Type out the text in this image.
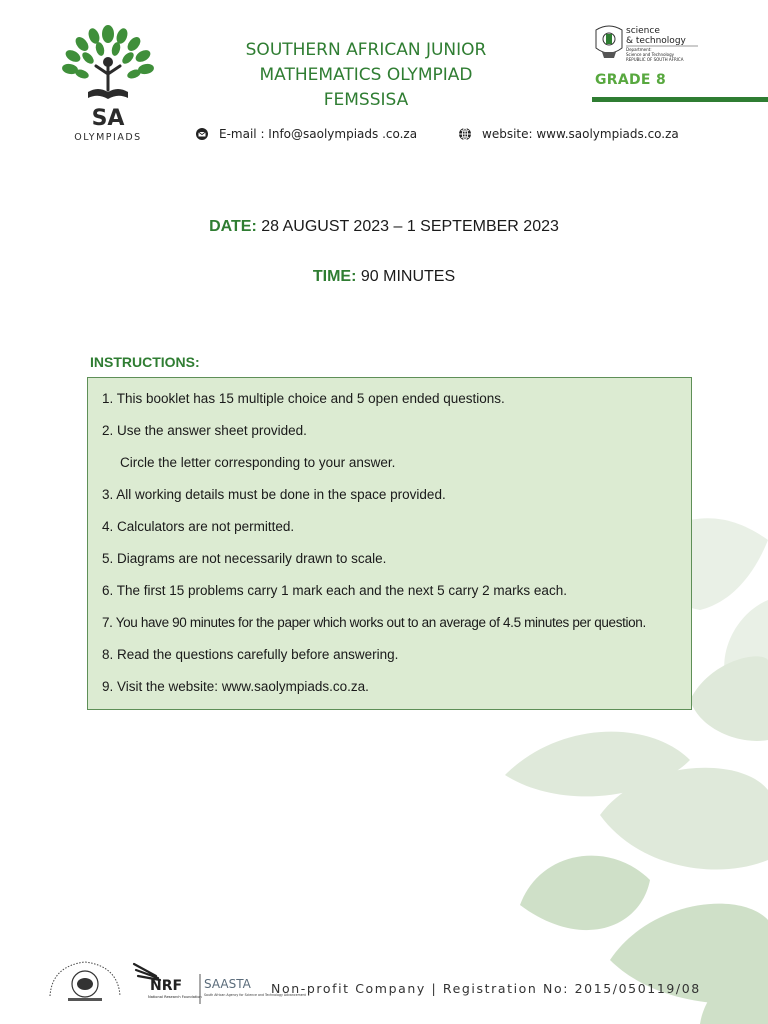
SA
OLYMPIADS
SOUTHERN AFRICAN JUNIOR
MATHEMATICS OLYMPIAD
FEMSSISA
E-mail : Info@saolympiads .co.za	website: www.saolympiads.co.za
science
& technology
Department:
Science and Technology
REPUBLIC OF SOUTH AFRICA
GRADE 8
DATE: 28 AUGUST 2023 – 1 SEPTEMBER 2023
TIME: 90 MINUTES
INSTRUCTIONS:
1. This booklet has 15 multiple choice and 5 open ended questions.
2. Use the answer sheet provided.
Circle the letter corresponding to your answer.
3. All working details must be done in the space provided.
4. Calculators are not permitted.
5. Diagrams are not necessarily drawn to scale.
6. The first 15 problems carry 1 mark each and the next 5 carry 2 marks each.
7. You have 90 minutes for the paper which works out to an average of 4.5 minutes per question.
8. Read the questions carefully before answering.
9. Visit the website: www.saolympiads.co.za.
NRF
National Research Foundation
SAASTA
South African Agency for Science and Technology Advancement
Non-profit Company | Registration No: 2015/050119/08
